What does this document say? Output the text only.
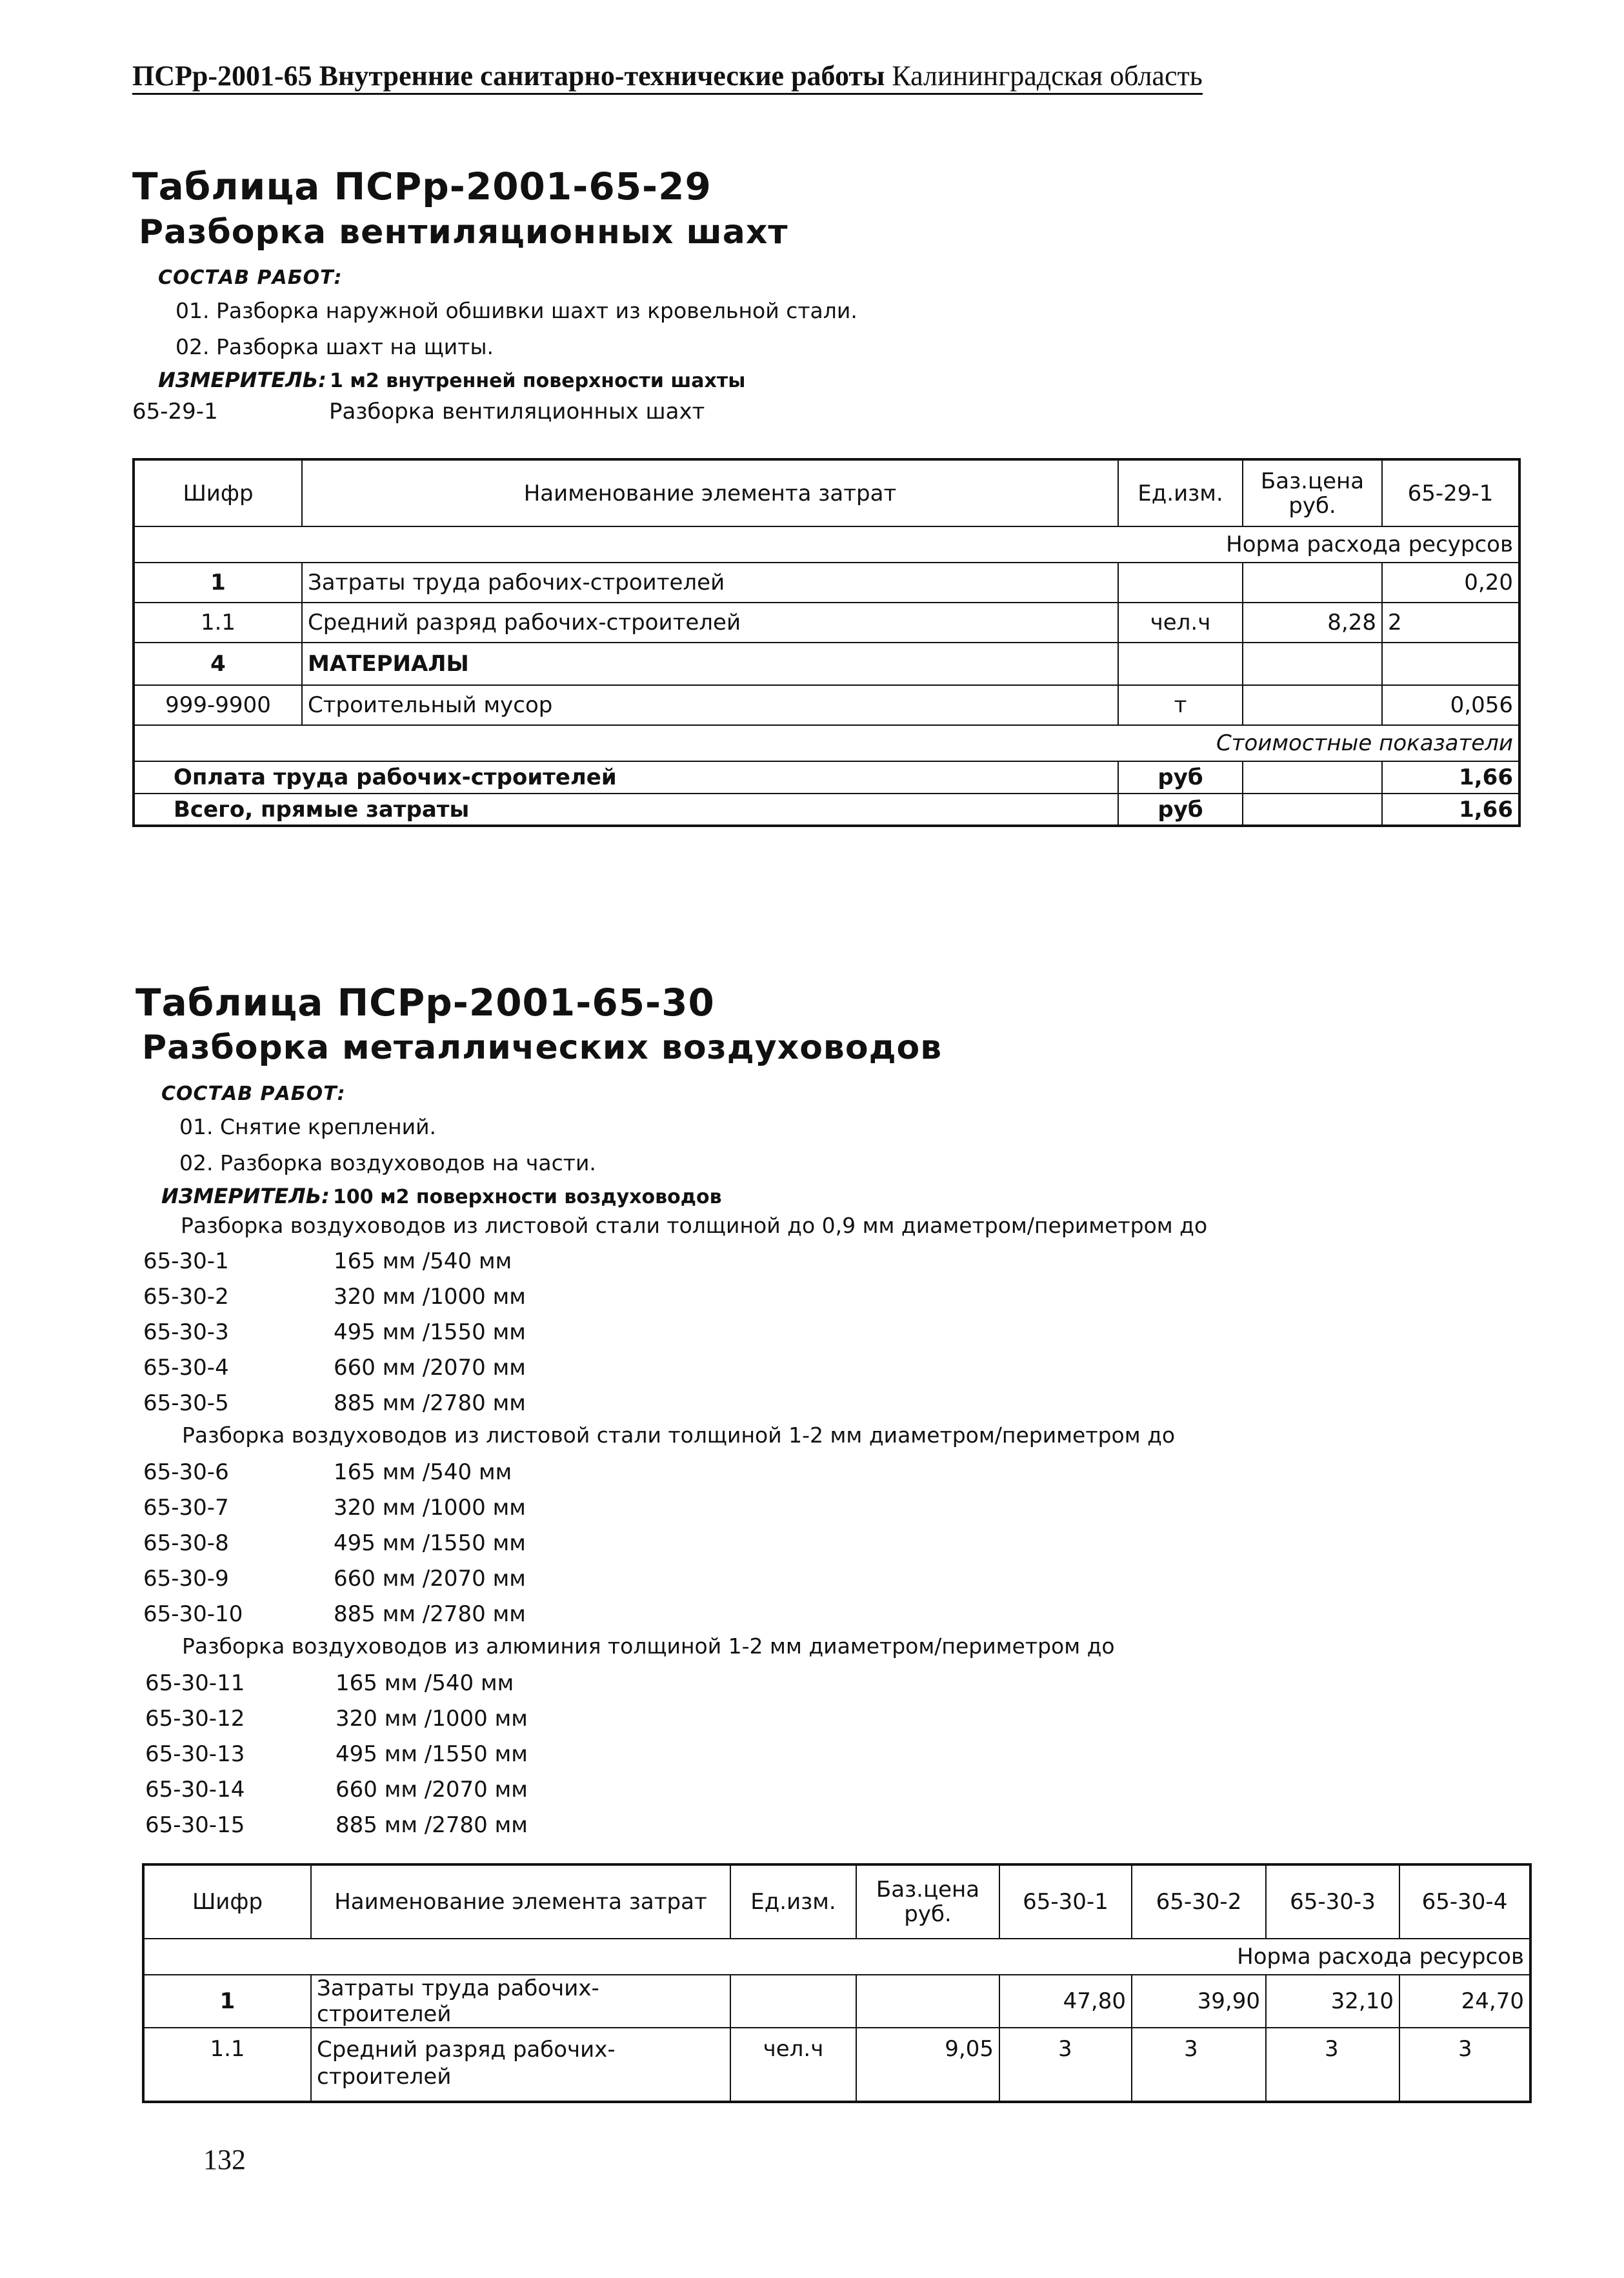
ПСРр-2001-65 Внутренние санитарно-технические работы Калининградская область
Таблица ПСРр-2001-65-29
Разборка вентиляционных шахт
СОСТАВ РАБОТ:
01. Разборка наружной обшивки шахт из кровельной стали.
02. Разборка шахт на щиты.
ИЗМЕРИТЕЛЬ: 1 м2 внутренней поверхности шахты
65-29-1	Разборка вентиляционных шахт
Шифр	Наименование элемента затрат	Ед.изм.	Баз.цена руб.	65-29-1
Норма расхода ресурсов				
1	Затраты труда рабочих-строителей			0,20
1.1	Средний разряд рабочих-строителей	чел.ч	8,28	2
4	МАТЕРИАЛЫ			
999-9900	Строительный мусор	т		0,056
Стоимостные показатели				
Оплата труда рабочих-строителей		руб		1,66
Всего, прямые затраты		руб		1,66
Таблица ПСРр-2001-65-30
Разборка металлических воздуховодов
СОСТАВ РАБОТ:
01. Снятие креплений.
02. Разборка воздуховодов на части.
ИЗМЕРИТЕЛЬ: 100 м2 поверхности воздуховодов
Разборка воздуховодов из листовой стали толщиной до 0,9 мм диаметром/периметром до
65-30-1	165 мм /540 мм
65-30-2	320 мм /1000 мм
65-30-3	495 мм /1550 мм
65-30-4	660 мм /2070 мм
65-30-5	885 мм /2780 мм
Разборка воздуховодов из листовой стали толщиной 1-2 мм диаметром/периметром до
65-30-6	165 мм /540 мм
65-30-7	320 мм /1000 мм
65-30-8	495 мм /1550 мм
65-30-9	660 мм /2070 мм
65-30-10	885 мм /2780 мм
Разборка воздуховодов из алюминия толщиной 1-2 мм диаметром/периметром до
65-30-11	165 мм /540 мм
65-30-12	320 мм /1000 мм
65-30-13	495 мм /1550 мм
65-30-14	660 мм /2070 мм
65-30-15	885 мм /2780 мм
Шифр	Наименование элемента затрат	Ед.изм.	Баз.цена руб.	65-30-1	65-30-2	65-30-3	65-30-4
Норма расхода ресурсов							
1	Затраты труда рабочих-строителей			47,80	39,90	32,10	24,70
1.1	Средний разряд рабочих-строителей	чел.ч	9,05	3	3	3	3
132
